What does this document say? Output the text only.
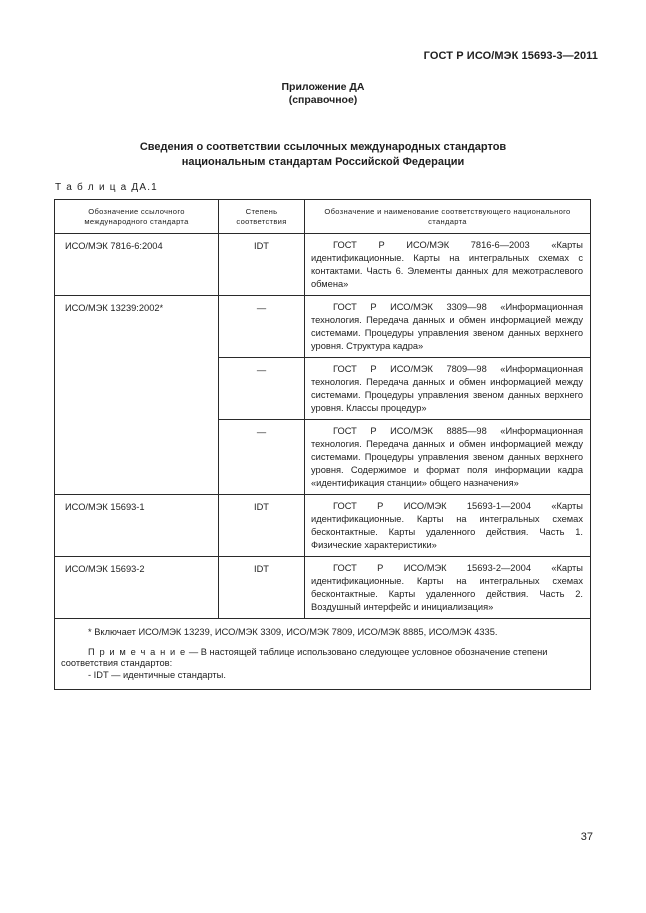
ГОСТ Р ИСО/МЭК 15693-3—2011
Приложение ДА
(справочное)
Сведения о соответствии ссылочных международных стандартов
национальным стандартам Российской Федерации
Т а б л и ц а ДА.1
Обозначение ссылочного международного стандарта	Степень соответствия	Обозначение и наименование соответствующего национального стандарта
ИСО/МЭК 7816-6:2004	IDT	ГОСТ Р ИСО/МЭК 7816-6—2003 «Карты идентификационные. Карты на интегральных схемах с контактами. Часть 6. Элементы данных для межотраслевого обмена»

ИСО/МЭК 13239:2002*	—	ГОСТ Р ИСО/МЭК 3309—98 «Информационная технология. Передача данных и обмен информацией между системами. Процедуры управления звеном данных верхнего уровня. Структура кадра»

	—	ГОСТ Р ИСО/МЭК 7809—98 «Информационная технология. Передача данных и обмен информацией между системами. Процедуры управления звеном данных верхнего уровня. Классы процедур»

	—	ГОСТ Р ИСО/МЭК 8885—98 «Информационная технология. Передача данных и обмен информацией между системами. Процедуры управления звеном данных верхнего уровня. Содержимое и формат поля информации кадра «идентификация станции» общего назначения»

ИСО/МЭК 15693-1	IDT	ГОСТ Р ИСО/МЭК 15693-1—2004 «Карты идентификационные. Карты на интегральных схемах бесконтактные. Карты удаленного действия. Часть 1. Физические характеристики»

ИСО/МЭК 15693-2	IDT	ГОСТ Р ИСО/МЭК 15693-2—2004 «Карты идентификационные. Карты на интегральных схемах бесконтактные. Карты удаленного действия. Часть 2. Воздушный интерфейс и инициализация»

* Включает ИСО/МЭК 13239, ИСО/МЭК 3309, ИСО/МЭК 7809, ИСО/МЭК 8885, ИСО/МЭК 4335.
П р и м е ч а н и е — В настоящей таблице использовано следующее условное обозначение степени соответствия стандартов:
- IDT — идентичные стандарты.		
37
